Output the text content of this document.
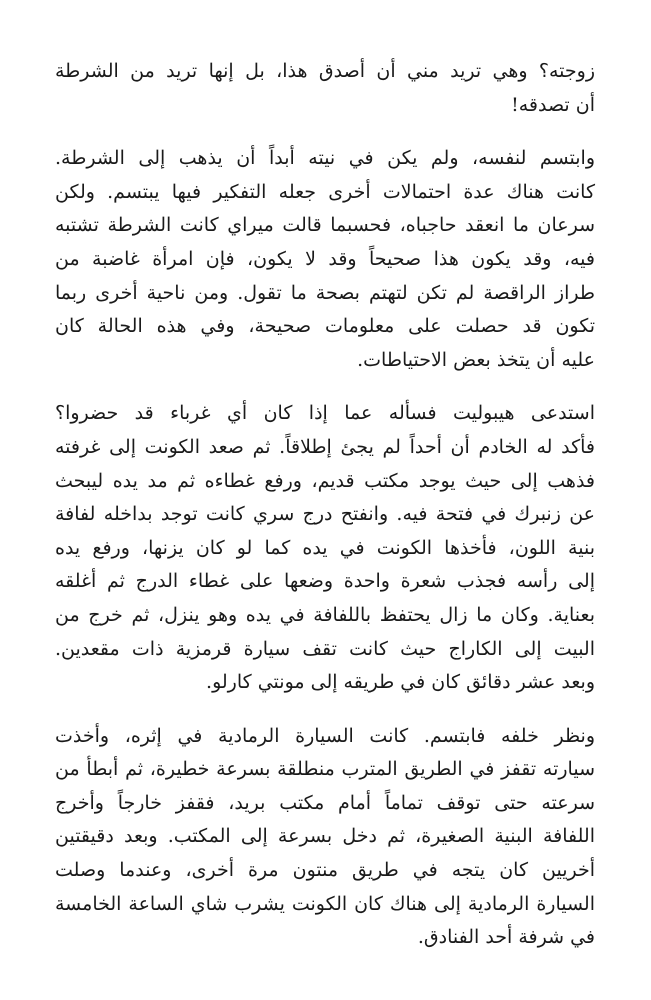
زوجته؟ وهي تريد مني أن أصدق هذا، بل إنها تريد من الشرطة
أن تصدقه!

وابتسم لنفسه، ولم يكن في نيته أبداً أن يذهب إلى الشرطة.
كانت هناك عدة احتمالات أخرى جعله التفكير فيها يبتسم. ولكن
سرعان ما انعقد حاجباه، فحسبما قالت ميراي كانت الشرطة تشتبه
فيه، وقد يكون هذا صحيحاً وقد لا يكون، فإن امرأة غاضبة من
طراز الراقصة لم تكن لتهتم بصحة ما تقول. ومن ناحية أخرى ربما
تكون قد حصلت على معلومات صحيحة، وفي هذه الحالة كان
عليه أن يتخذ بعض الاحتياطات.

استدعى هيبوليت فسأله عما إذا كان أي غرباء قد حضروا؟
فأكد له الخادم أن أحداً لم يجئ إطلاقاً. ثم صعد الكونت إلى غرفته
فذهب إلى حيث يوجد مكتب قديم، ورفع غطاءه ثم مد يده ليبحث
عن زنبرك في فتحة فيه. وانفتح درج سري كانت توجد بداخله لفافة
بنية اللون، فأخذها الكونت في يده كما لو كان يزنها، ورفع يده
إلى رأسه فجذب شعرة واحدة وضعها على غطاء الدرج ثم أغلقه
بعناية. وكان ما زال يحتفظ باللفافة في يده وهو ينزل، ثم خرج من
البيت إلى الكاراج حيث كانت تقف سيارة قرمزية ذات مقعدين.
وبعد عشر دقائق كان في طريقه إلى مونتي كارلو.

ونظر خلفه فابتسم. كانت السيارة الرمادية في إثره، وأخذت
سيارته تقفز في الطريق المترب منطلقة بسرعة خطيرة، ثم أبطأ من
سرعته حتى توقف تماماً أمام مكتب بريد، فقفز خارجاً وأخرج
اللفافة البنية الصغيرة، ثم دخل بسرعة إلى المكتب. وبعد دقيقتين
أخريين كان يتجه في طريق منتون مرة أخرى، وعندما وصلت
السيارة الرمادية إلى هناك كان الكونت يشرب شاي الساعة الخامسة
في شرفة أحد الفنادق.
